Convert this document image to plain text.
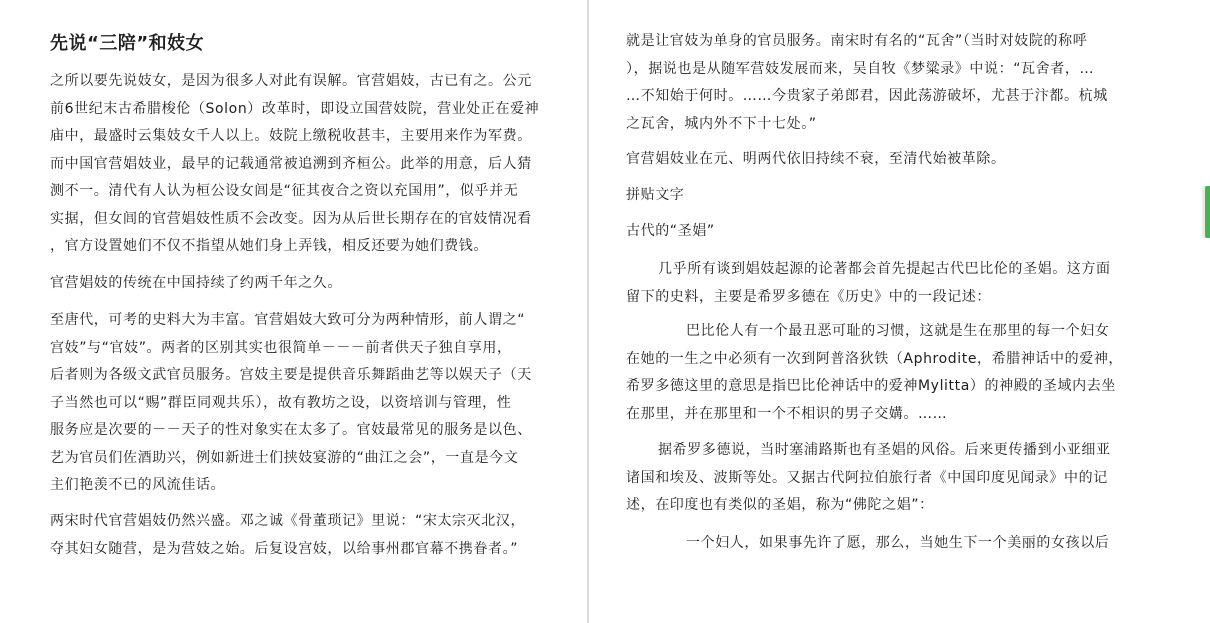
先说“三陪”和妓女

之所以要先说妓女，是因为很多人对此有误解。官营娼妓，古已有之。公元
前6世纪末古希腊梭伦（Solon）改革时，即设立国营妓院，营业处正在爱神
庙中，最盛时云集妓女千人以上。妓院上缴税收甚丰，主要用来作为军费。
而中国官营娼妓业，最早的记载通常被追溯到齐桓公。此举的用意，后人猜
测不一。清代有人认为桓公设女闾是“征其夜合之资以充国用”，似乎并无
实据，但女闾的官营娼妓性质不会改变。因为从后世长期存在的官妓情况看
，官方设置她们不仅不指望从她们身上弄钱，相反还要为她们费钱。

官营娼妓的传统在中国持续了约两千年之久。

至唐代，可考的史料大为丰富。官营娼妓大致可分为两种情形，前人谓之“
宫妓”与“官妓”。两者的区别其实也很简单－－－前者供天子独自享用，
后者则为各级文武官员服务。宫妓主要是提供音乐舞蹈曲艺等以娱天子（天
子当然也可以“赐”群臣同观共乐），故有教坊之设，以资培训与管理，性
服务应是次要的－－天子的性对象实在太多了。官妓最常见的服务是以色、
艺为官员们佐酒助兴，例如新进士们挟妓宴游的“曲江之会”，一直是今文
主们艳羡不已的风流佳话。

两宋时代官营娼妓仍然兴盛。邓之诚《骨董琐记》里说：“宋太宗灭北汉，
夺其妇女随营，是为营妓之始。后复设宫妓，以给事州郡官幕不携眷者。”

就是让官妓为单身的官员服务。南宋时有名的“瓦舍”（当时对妓院的称呼
），据说也是从随军营妓发展而来，吴自牧《梦粱录》中说：“瓦舍者，…
…不知始于何时。……今贵家子弟郎君，因此荡游破坏，尤甚于汴都。杭城
之瓦舍，城内外不下十七处。”

官营娼妓业在元、明两代依旧持续不衰，至清代始被革除。

拼贴文字

古代的“圣娼”

几乎所有谈到娼妓起源的论著都会首先提起古代巴比伦的圣娼。这方面
留下的史料，主要是希罗多德在《历史》中的一段记述：

巴比伦人有一个最丑恶可耻的习惯，这就是生在那里的每一个妇女
在她的一生之中必须有一次到阿普洛狄铁（Aphrodite，希腊神话中的爱神，
希罗多德这里的意思是指巴比伦神话中的爱神Mylitta）的神殿的圣域内去坐
在那里，并在那里和一个不相识的男子交媾。……

据希罗多德说，当时塞浦路斯也有圣娼的风俗。后来更传播到小亚细亚
诸国和埃及、波斯等处。又据古代阿拉伯旅行者《中国印度见闻录》中的记
述，在印度也有类似的圣娼，称为“佛陀之娼”：

一个妇人，如果事先许了愿，那么，当她生下一个美丽的女孩以后
